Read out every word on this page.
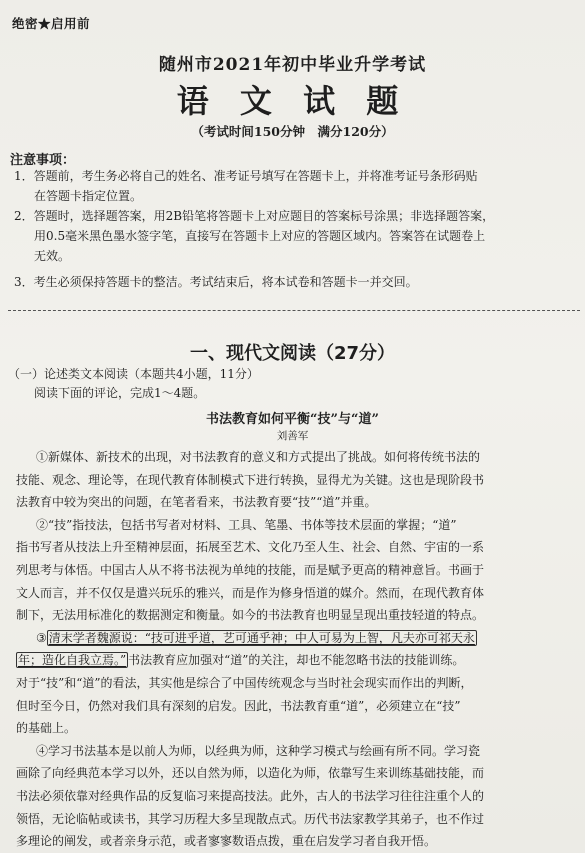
绝密★启用前
随州市2021年初中毕业升学考试
语 文 试 题
（考试时间150分钟　满分120分）
注意事项：
1．答题前，考生务必将自己的姓名、准考证号填写在答题卡上，并将准考证号条形码贴
在答题卡指定位置。
2．答题时，选择题答案，用2B铅笔将答题卡上对应题目的答案标号涂黑；非选择题答案，
用0.5毫米黑色墨水签字笔，直接写在答题卡上对应的答题区域内。答案答在试题卷上
无效。
3．考生必须保持答题卡的整洁。考试结束后，将本试卷和答题卡一并交回。
一、现代文阅读（27分）
（一）论述类文本阅读（本题共4小题，11分）
阅读下面的评论，完成1～4题。
书法教育如何平衡“技”与“道”
刘善军
①新媒体、新技术的出现，对书法教育的意义和方式提出了挑战。如何将传统书法的
技能、观念、理论等，在现代教育体制模式下进行转换，显得尤为关键。这也是现阶段书
法教育中较为突出的问题，在笔者看来，书法教育要“技”“道”并重。
②“技”指技法，包括书写者对材料、工具、笔墨、书体等技术层面的掌握；“道”
指书写者从技法上升至精神层面，拓展至艺术、文化乃至人生、社会、自然、宇宙的一系
列思考与体悟。中国古人从不将书法视为单纯的技能，而是赋予更高的精神意旨。书画于
文人而言，并不仅仅是遣兴玩乐的雅兴，而是作为修身悟道的媒介。然而，在现代教育体
制下，无法用标准化的数据测定和衡量。如今的书法教育也明显呈现出重技轻道的特点。
③ 清末学者魏源说：“技可进乎道，艺可通乎神；中人可易为上智，凡夫亦可祁天永
年；造化自我立焉。” 书法教育应加强对“道”的关注，却也不能忽略书法的技能训练。
对于“技”和“道”的看法，其实他是综合了中国传统观念与当时社会现实而作出的判断，
但时至今日，仍然对我们具有深刻的启发。因此，书法教育重“道”，必须建立在“技”
的基础上。
④学习书法基本是以前人为师，以经典为师，这种学习模式与绘画有所不同。学习瓷
画除了向经典范本学习以外，还以自然为师，以造化为师，依靠写生来训练基础技能，而
书法必须依靠对经典作品的反复临习来提高技法。此外，古人的书法学习往往注重个人的
领悟，无论临帖或读书，其学习历程大多呈现散点式。历代书法家教学其弟子，也不作过
多理论的阐发，或者亲身示范，或者寥寥数语点拨，重在启发学习者自我开悟。
